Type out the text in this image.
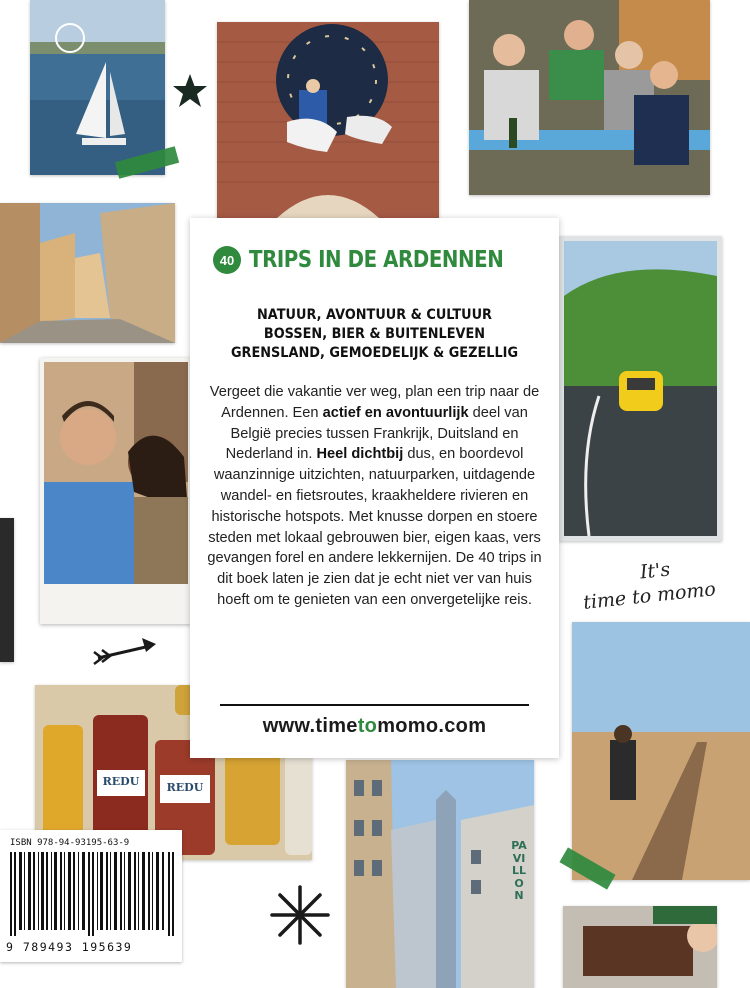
REDU	REDU
PAVILLON
It's
time to momo
ISBN 978-94-93195-63-9
9 789493 195639
40 TRIPS IN DE ARDENNEN
NATUUR, AVONTUUR & CULTUUR
BOSSEN, BIER & BUITENLEVEN
GRENSLAND, GEMOEDELIJK & GEZELLIG
Vergeet die vakantie ver weg, plan een trip naar de Ardennen. Een actief en avontuurlijk deel van België precies tussen Frankrijk, Duitsland en Nederland in. Heel dichtbij dus, en boordevol waanzinnige uitzichten, natuurparken, uitdagende wandel- en fietsroutes, kraakheldere rivieren en historische hotspots. Met knusse dorpen en stoere steden met lokaal gebrouwen bier, eigen kaas, vers gevangen forel en andere lekkernijen. De 40 trips in dit boek laten je zien dat je echt niet ver van huis hoeft om te genieten van een onvergetelijke reis.
www.timetomomo.com
